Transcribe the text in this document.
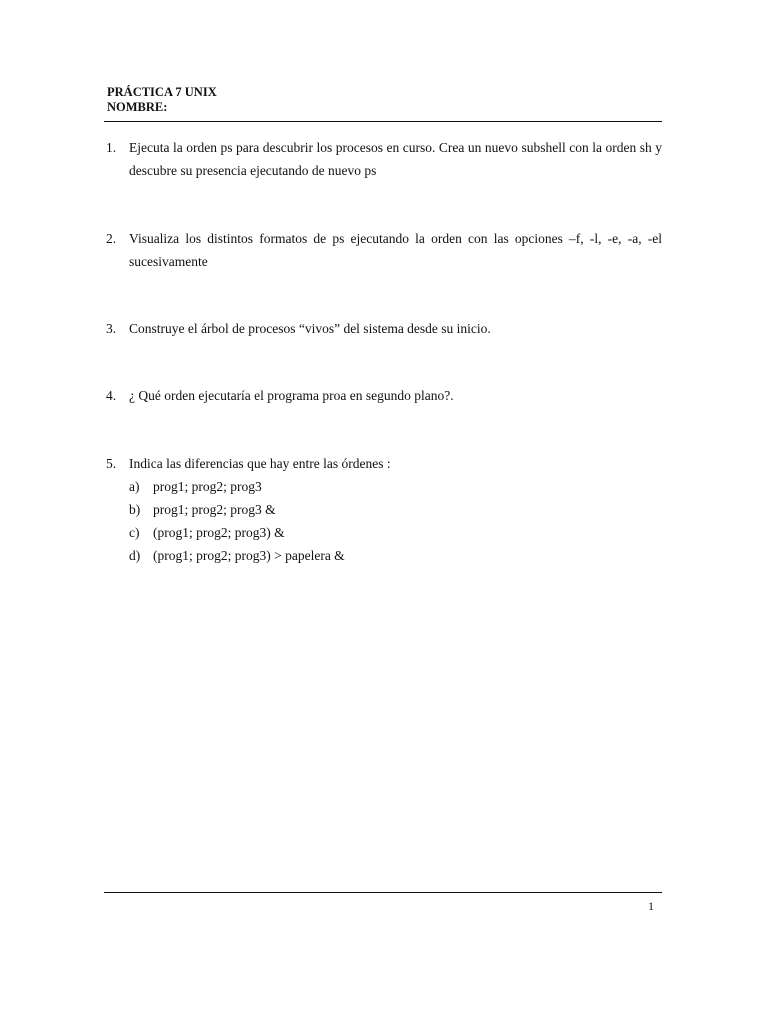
PRÁCTICA 7 UNIX
NOMBRE:
1. Ejecuta la orden ps para descubrir los procesos en curso. Crea un nuevo subshell con la orden sh y descubre su presencia ejecutando de nuevo ps
2. Visualiza los distintos formatos de ps ejecutando la orden con las opciones –f, -l, -e, -a, -el sucesivamente
3. Construye el árbol de procesos “vivos” del sistema desde su inicio.
4. ¿ Qué orden ejecutaría el programa proa en segundo plano?.
5. Indica las diferencias que hay entre las órdenes :
a) prog1; prog2; prog3
b) prog1; prog2; prog3 &
c) (prog1; prog2; prog3) &
d) (prog1; prog2; prog3) > papelera &
1
